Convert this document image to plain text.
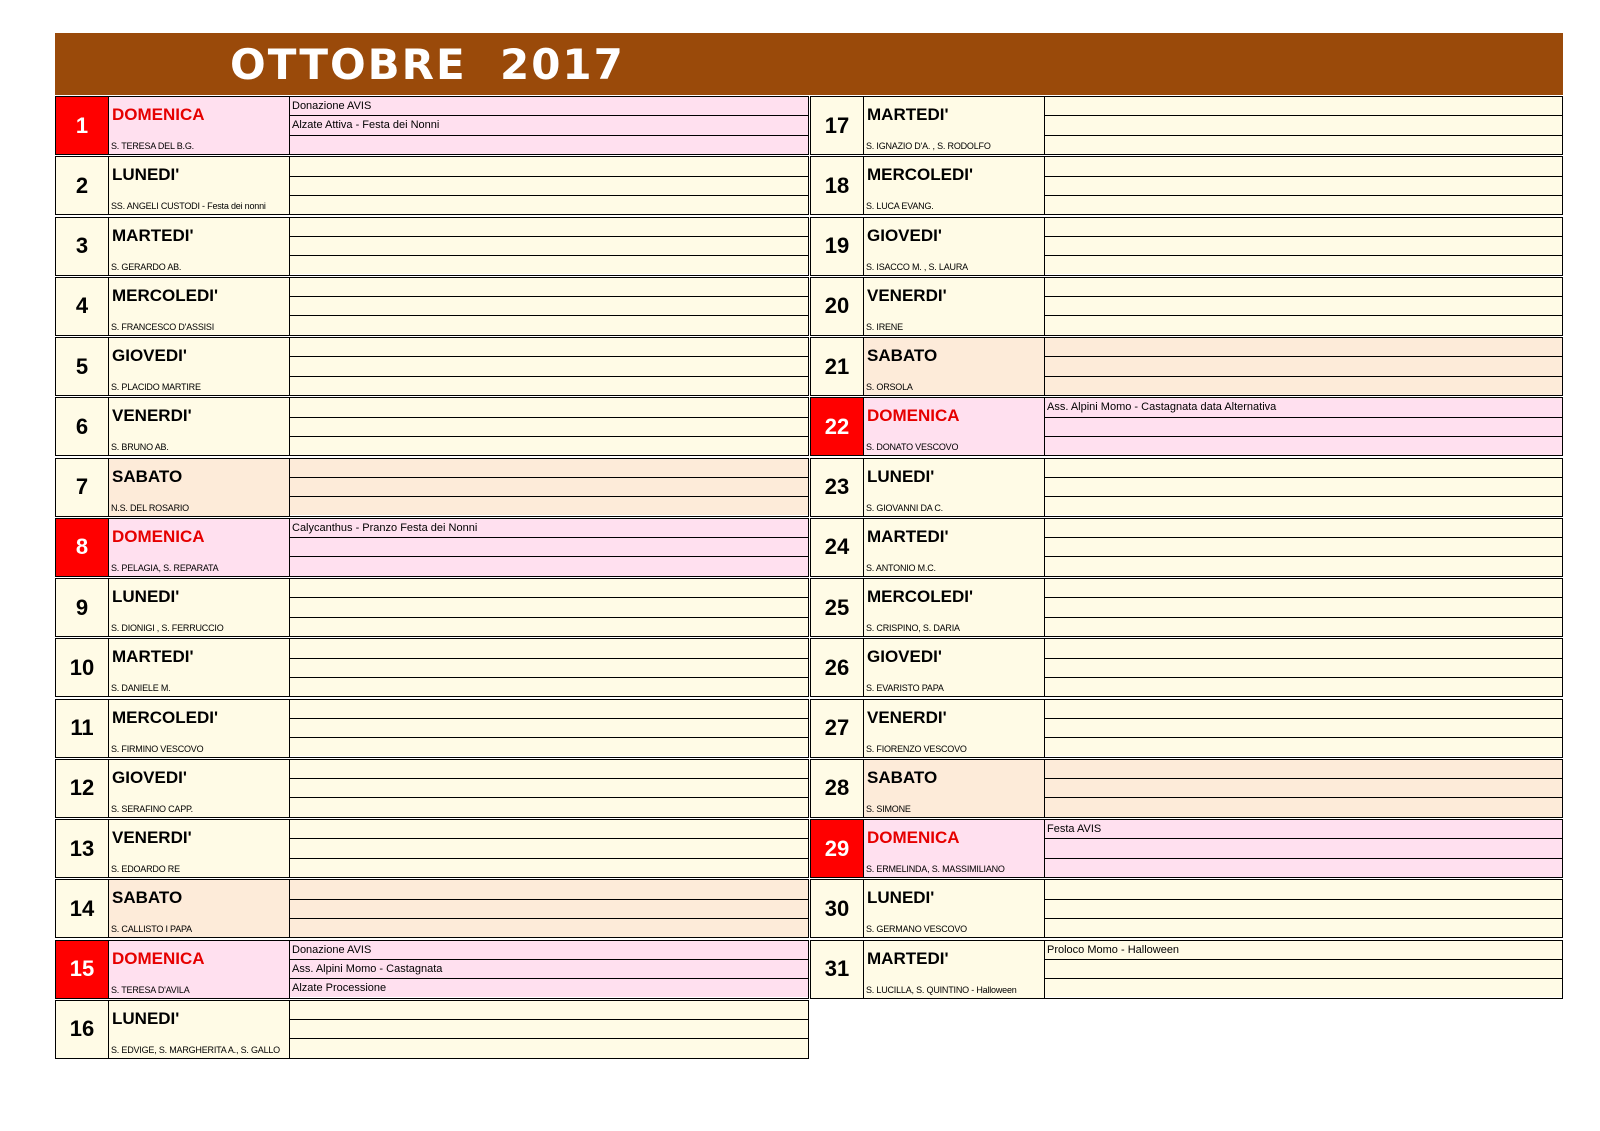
OTTOBRE 2017
1	DOMENICA
S. TERESA DEL B.G.
Donazione AVIS
Alzate Attiva - Festa dei Nonni
2	LUNEDI'
SS. ANGELI CUSTODI - Festa dei nonni
3	MARTEDI'
S. GERARDO AB.
4	MERCOLEDI'
S. FRANCESCO D'ASSISI
5	GIOVEDI'
S. PLACIDO MARTIRE
6	VENERDI'
S. BRUNO AB.
7	SABATO
N.S. DEL ROSARIO
8	DOMENICA
S. PELAGIA, S. REPARATA
Calycanthus - Pranzo Festa dei Nonni
9	LUNEDI'
S. DIONIGI , S. FERRUCCIO
10	MARTEDI'
S. DANIELE M.
11	MERCOLEDI'
S. FIRMINO VESCOVO
12	GIOVEDI'
S. SERAFINO CAPP.
13	VENERDI'
S. EDOARDO RE
14	SABATO
S. CALLISTO I PAPA
15	DOMENICA
S. TERESA D'AVILA
Donazione AVIS
Ass. Alpini Momo - Castagnata
Alzate Processione
16	LUNEDI'
S. EDVIGE, S. MARGHERITA A., S. GALLO
17	MARTEDI'
S. IGNAZIO D'A. , S. RODOLFO
18	MERCOLEDI'
S. LUCA EVANG.
19	GIOVEDI'
S. ISACCO M. , S. LAURA
20	VENERDI'
S. IRENE
21	SABATO
S. ORSOLA
22	DOMENICA
S. DONATO VESCOVO
Ass. Alpini Momo - Castagnata data Alternativa
23	LUNEDI'
S. GIOVANNI DA C.
24	MARTEDI'
S. ANTONIO M.C.
25	MERCOLEDI'
S. CRISPINO, S. DARIA
26	GIOVEDI'
S. EVARISTO PAPA
27	VENERDI'
S. FIORENZO VESCOVO
28	SABATO
S. SIMONE
29	DOMENICA
S. ERMELINDA, S. MASSIMILIANO
Festa AVIS
30	LUNEDI'
S. GERMANO VESCOVO
31	MARTEDI'
S. LUCILLA, S. QUINTINO - Halloween
Proloco Momo - Halloween
